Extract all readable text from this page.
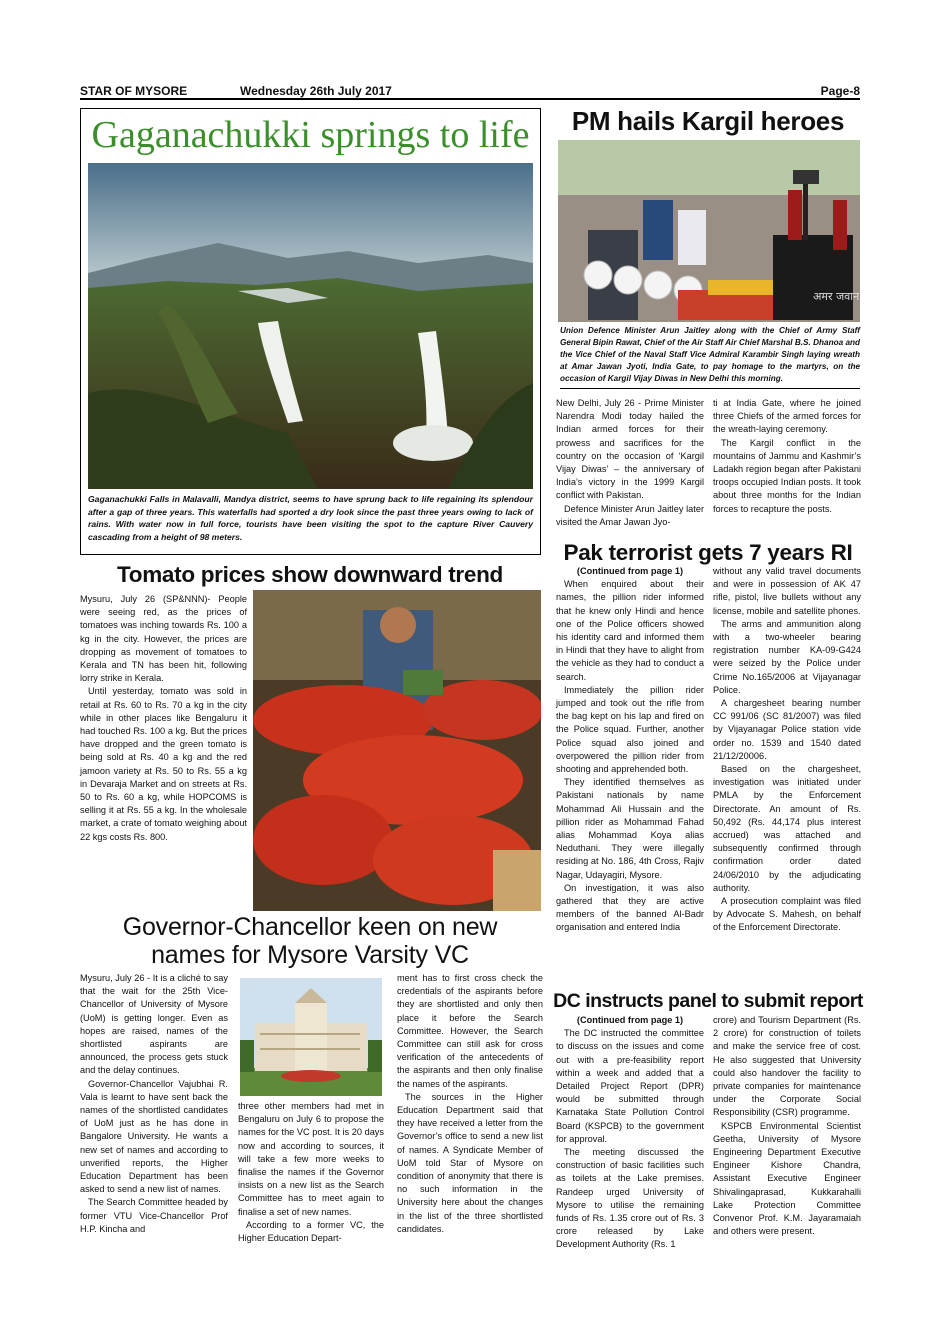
STAR OF MYSORE	Wednesday 26th July 2017	Page-8
Gaganachukki springs to life
Gaganachukki Falls in Malavalli, Mandya district, seems to have sprung back to life regaining its splendour after a gap of three years. This waterfalls had sported a dry look since the past three years owing to lack of rains. With water now in full force, tourists have been visiting the spot to the capture River Cauvery cascading from a height of 98 meters.
PM hails Kargil heroes
अमर जवान
Union Defence Minister Arun Jaitley along with the Chief of Army Staff General Bipin Rawat, Chief of the Air Staff Air Chief Marshal B.S. Dhanoa and the Vice Chief of the Naval Staff Vice Admiral Karambir Singh laying wreath at Amar Jawan Jyoti, India Gate, to pay homage to the martyrs, on the occasion of Kargil Vijay Diwas in New Delhi this morning.

New Delhi, July 26 - Prime Minister Narendra Modi today hailed the Indian armed forces for their prowess and sacrifices for the country on the occasion of ‘Kargil Vijay Diwas’ – the anniversary of India’s victory in the 1999 Kargil conflict with Pakistan.

Defence Minister Arun Jaitley later visited the Amar Jawan Jyo-

ti at India Gate, where he joined three Chiefs of the armed forces for the wreath-laying ceremony.

The Kargil conflict in the mountains of Jammu and Kashmir’s Ladakh region began after Pakistani troops occupied Indian posts. It took about three months for the Indian forces to recapture the posts.

Tomato prices show downward trend

Mysuru, July 26 (SP&NNN)- People were seeing red, as the prices of tomatoes was inching towards Rs. 100 a kg in the city. However, the prices are dropping as movement of tomatoes to Kerala and TN has been hit, following lorry strike in Kerala.

Until yesterday, tomato was sold in retail at Rs. 60 to Rs. 70 a kg in the city while in other places like Bengaluru it had touched Rs. 100 a kg. But the prices have dropped and the green tomato is being sold at Rs. 40 a kg and the red jamoon variety at Rs. 50 to Rs. 55 a kg in Devaraja Market and on streets at Rs. 50 to Rs. 60 a kg, while HOPCOMS is selling it at Rs. 55 a kg. In the wholesale market, a crate of tomato weighing about 22 kgs costs Rs. 800.

Governor-Chancellor keen on new
names for Mysore Varsity VC

Mysuru, July 26 - It is a cliché to say that the wait for the 25th Vice-Chancellor of University of Mysore (UoM) is getting longer. Even as hopes are raised, names of the shortlisted aspirants are announced, the process gets stuck and the delay continues.

Governor-Chancellor Vajubhai R. Vala is learnt to have sent back the names of the shortlisted candidates of UoM just as he has done in Bangalore University. He wants a new set of names and according to unverified reports, the Higher Education Department has been asked to send a new list of names.

The Search Committee headed by former VTU Vice-Chancellor Prof H.P. Kincha and

three other members had met in Bengaluru on July 6 to propose the names for the VC post. It is 20 days now and according to sources, it will take a few more weeks to finalise the names if the Governor insists on a new list as the Search Committee has to meet again to finalise a set of new names.

According to a former VC, the Higher Education Depart-

ment has to first cross check the credentials of the aspirants before they are shortlisted and only then place it before the Search Committee. However, the Search Committee can still ask for cross verification of the antecedents of the aspirants and then only finalise the names of the aspirants.

The sources in the Higher Education Department said that they have received a letter from the Governor’s office to send a new list of names. A Syndicate Member of UoM told Star of Mysore on condition of anonymity that there is no such information in the University here about the changes in the list of the three shortlisted candidates.

Pak terrorist gets 7 years RI

(Continued from page 1)

When enquired about their names, the pillion rider informed that he knew only Hindi and hence one of the Police officers showed his identity card and informed them in Hindi that they have to alight from the vehicle as they had to conduct a search.

Immediately the pillion rider jumped and took out the rifle from the bag kept on his lap and fired on the Police squad. Further, another Police squad also joined and overpowered the pillion rider from shooting and apprehended both.

They identified themselves as Pakistani nationals by name Mohammad Ali Hussain and the pillion rider as Mohammad Fahad alias Mohammad Koya alias Neduthani. They were illegally residing at No. 186, 4th Cross, Rajiv Nagar, Udayagiri, Mysore.

On investigation, it was also gathered that they are active members of the banned Al-Badr organisation and entered India

without any valid travel documents and were in possession of AK 47 rifle, pistol, live bullets without any license, mobile and satellite phones.

The arms and ammunition along with a two-wheeler bearing registration number KA-09-G424 were seized by the Police under Crime No.165/2006 at Vijayanagar Police.

A chargesheet bearing number CC 991/06 (SC 81/2007) was filed by Vijayanagar Police station vide order no. 1539 and 1540 dated 21/12/20006.

Based on the chargesheet, investigation was initiated under PMLA by the Enforcement Directorate. An amount of Rs. 50,492 (Rs. 44,174 plus interest accrued) was attached and subsequently confirmed through confirmation order dated 24/06/2010 by the adjudicating authority.

A prosecution complaint was filed by Advocate S. Mahesh, on behalf of the Enforcement Directorate.

DC instructs panel to submit report

(Continued from page 1)

The DC instructed the committee to discuss on the issues and come out with a pre-feasibility report within a week and added that a Detailed Project Report (DPR) would be submitted through Karnataka State Pollution Control Board (KSPCB) to the government for approval.

The meeting discussed the construction of basic facilities such as toilets at the Lake premises. Randeep urged University of Mysore to utilise the remaining funds of Rs. 1.35 crore out of Rs. 3 crore released by Lake Development Authority (Rs. 1

crore) and Tourism Department (Rs. 2 crore) for construction of toilets and make the service free of cost. He also suggested that University could also handover the facility to private companies for maintenance under the Corporate Social Responsibility (CSR) programme.

KSPCB Environmental Scientist Geetha, University of Mysore Engineering Department Executive Engineer Kishore Chandra, Assistant Executive Engineer Shivalingaprasad, Kukkarahalli Lake Protection Committee Convenor Prof. K.M. Jayaramaiah and others were present.
